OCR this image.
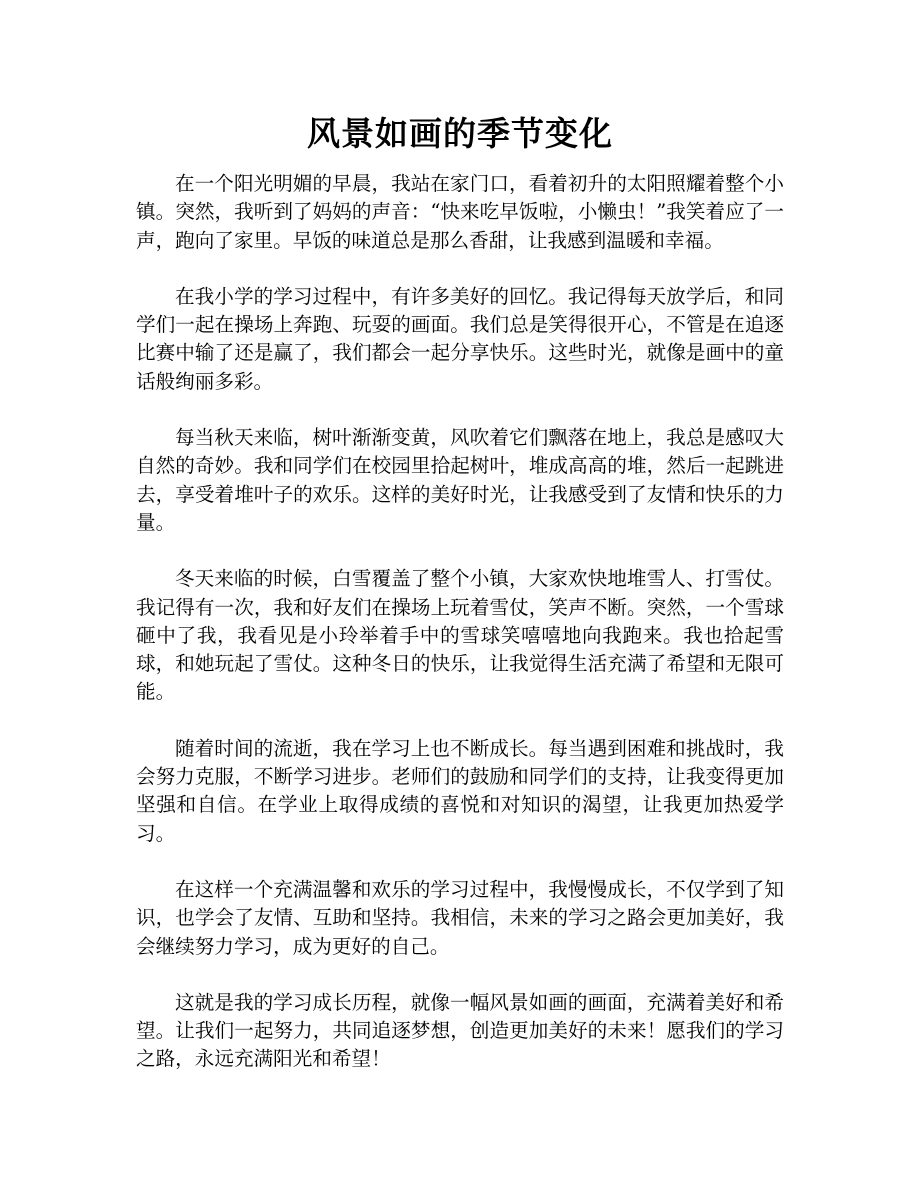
风景如画的季节变化

在一个阳光明媚的早晨，我站在家门口，看着初升的太阳照耀着整个小镇。突然，我听到了妈妈的声音：“快来吃早饭啦，小懒虫！”我笑着应了一声，跑向了家里。早饭的味道总是那么香甜，让我感到温暖和幸福。

在我小学的学习过程中，有许多美好的回忆。我记得每天放学后，和同学们一起在操场上奔跑、玩耍的画面。我们总是笑得很开心，不管是在追逐比赛中输了还是赢了，我们都会一起分享快乐。这些时光，就像是画中的童话般绚丽多彩。

每当秋天来临，树叶渐渐变黄，风吹着它们飘落在地上，我总是感叹大自然的奇妙。我和同学们在校园里拾起树叶，堆成高高的堆，然后一起跳进去，享受着堆叶子的欢乐。这样的美好时光，让我感受到了友情和快乐的力量。

冬天来临的时候，白雪覆盖了整个小镇，大家欢快地堆雪人、打雪仗。我记得有一次，我和好友们在操场上玩着雪仗，笑声不断。突然，一个雪球砸中了我，我看见是小玲举着手中的雪球笑嘻嘻地向我跑来。我也拾起雪球，和她玩起了雪仗。这种冬日的快乐，让我觉得生活充满了希望和无限可能。

随着时间的流逝，我在学习上也不断成长。每当遇到困难和挑战时，我会努力克服，不断学习进步。老师们的鼓励和同学们的支持，让我变得更加坚强和自信。在学业上取得成绩的喜悦和对知识的渴望，让我更加热爱学习。

在这样一个充满温馨和欢乐的学习过程中，我慢慢成长，不仅学到了知识，也学会了友情、互助和坚持。我相信，未来的学习之路会更加美好，我会继续努力学习，成为更好的自己。

这就是我的学习成长历程，就像一幅风景如画的画面，充满着美好和希望。让我们一起努力，共同追逐梦想，创造更加美好的未来！愿我们的学习之路，永远充满阳光和希望！
